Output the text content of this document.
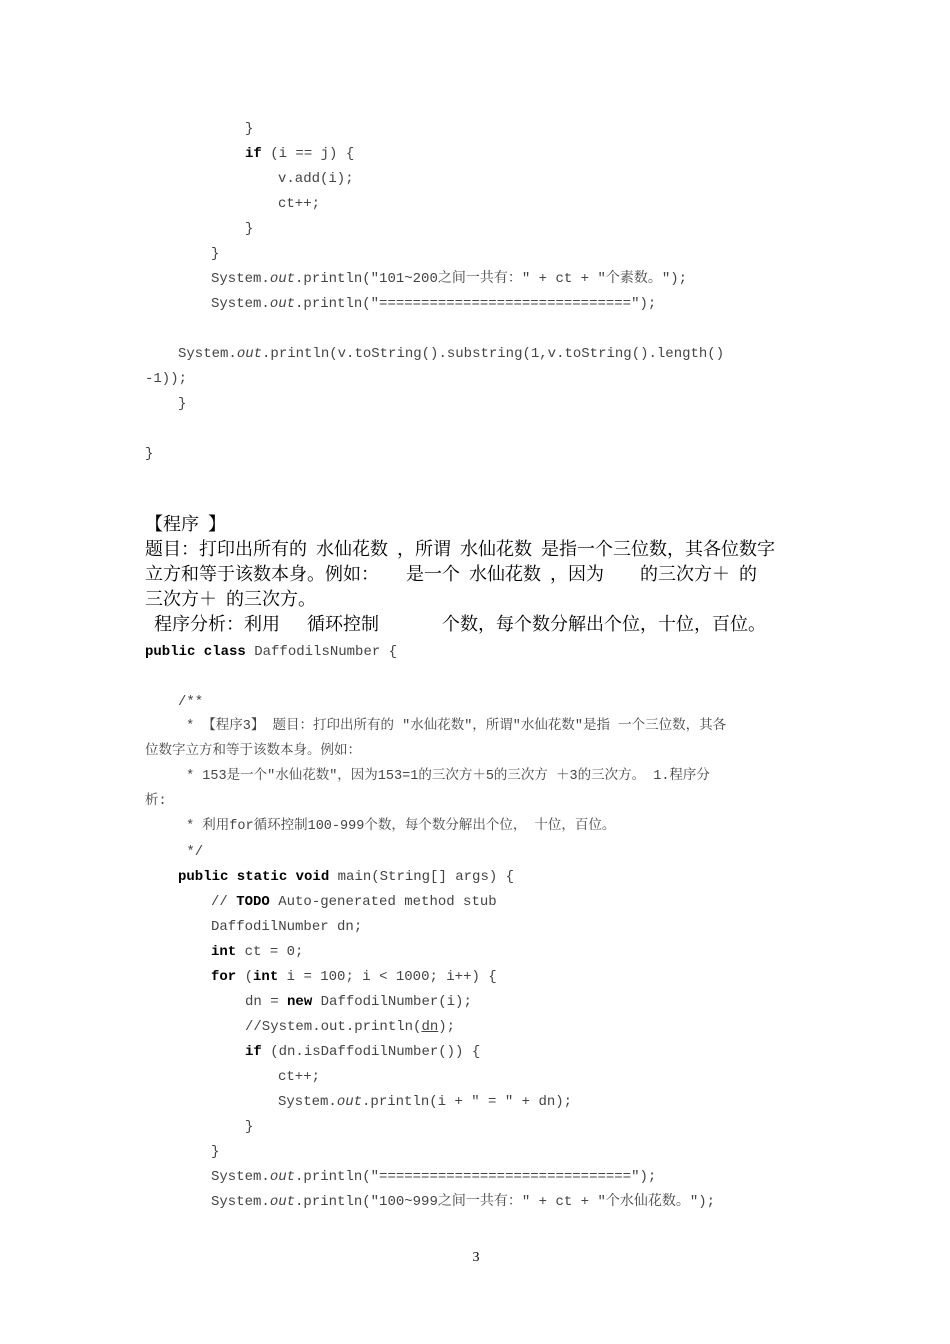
}
if (i == j) {
v.add(i);
ct++;
}
}
System.out.println("101~200之间一共有：" + ct + "个素数。");
System.out.println("==============================");
System.out.println(v.toString().substring(1,v.toString().length()
-1));
}
}
【程序  】
题目：打印出所有的  水仙花数  ，所谓  水仙花数  是指一个三位数，其各位数字
立方和等于该数本身。例如：      是一个  水仙花数  ，因为        的三次方＋  的
三次方＋  的三次方。
程序分析：利用      循环控制              个数，每个数分解出个位，十位，百位。
public class DaffodilsNumber {
/**
* 【程序3】 题目：打印出所有的 "水仙花数"，所谓"水仙花数"是指 一个三位数，其各
位数字立方和等于该数本身。例如：
* 153是一个"水仙花数"，因为153=1的三次方＋5的三次方 ＋3的三次方。 1.程序分
析:
* 利用for循环控制100-999个数，每个数分解出个位， 十位，百位。
*/
public static void main(String[] args) {
// TODO Auto-generated method stub
DaffodilNumber dn;
int ct = 0;
for (int i = 100; i < 1000; i++) {
dn = new DaffodilNumber(i);
//System.out.println(dn);
if (dn.isDaffodilNumber()) {
ct++;
System.out.println(i + " = " + dn);
}
}
System.out.println("==============================");
System.out.println("100~999之间一共有：" + ct + "个水仙花数。");
3
